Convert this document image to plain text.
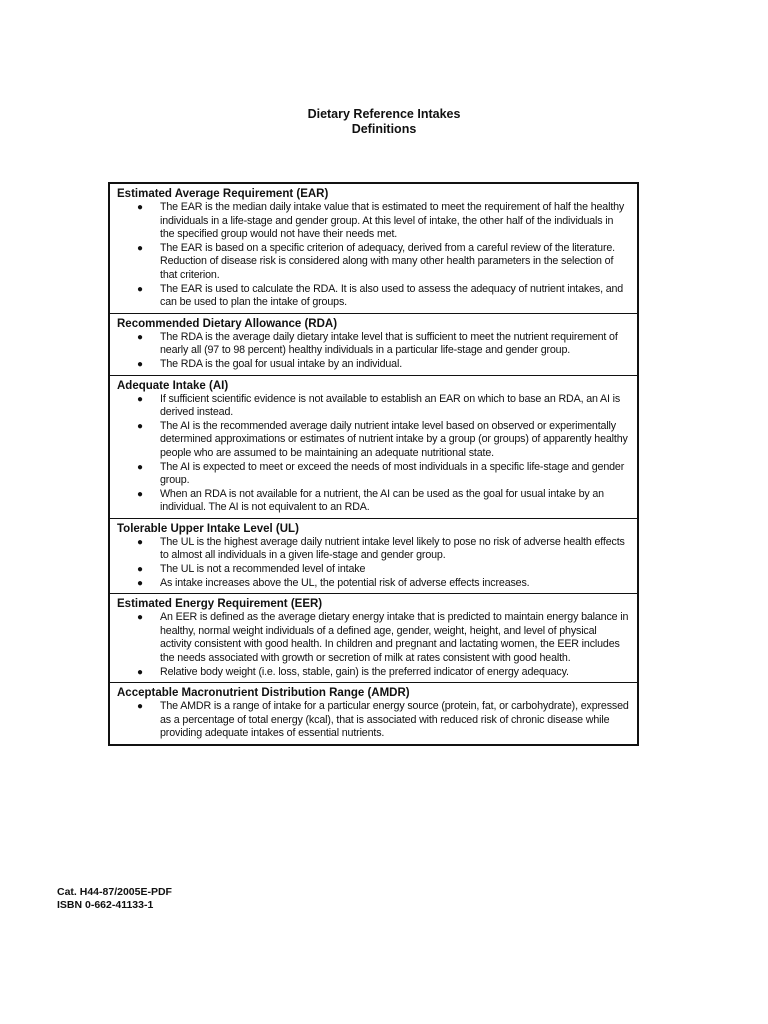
Dietary Reference Intakes
Definitions
Estimated Average Requirement (EAR)
● The EAR is the median daily intake value that is estimated to meet the requirement of half the healthy individuals in a life-stage and gender group. At this level of intake, the other half of the individuals in the specified group would not have their needs met.
● The EAR is based on a specific criterion of adequacy, derived from a careful review of the literature. Reduction of disease risk is considered along with many other health parameters in the selection of that criterion.
● The EAR is used to calculate the RDA. It is also used to assess the adequacy of nutrient intakes, and can be used to plan the intake of groups.
Recommended Dietary Allowance (RDA)
● The RDA is the average daily dietary intake level that is sufficient to meet the nutrient requirement of nearly all (97 to 98 percent) healthy individuals in a particular life-stage and gender group.
● The RDA is the goal for usual intake by an individual.
Adequate Intake (AI)
● If sufficient scientific evidence is not available to establish an EAR on which to base an RDA, an AI is derived instead.
● The AI is the recommended average daily nutrient intake level based on observed or experimentally determined approximations or estimates of nutrient intake by a group (or groups) of apparently healthy people who are assumed to be maintaining an adequate nutritional state.
● The AI is expected to meet or exceed the needs of most individuals in a specific life-stage and gender group.
● When an RDA is not available for a nutrient, the AI can be used as the goal for usual intake by an individual. The AI is not equivalent to an RDA.
Tolerable Upper Intake Level (UL)
● The UL is the highest average daily nutrient intake level likely to pose no risk of adverse health effects to almost all individuals in a given life-stage and gender group.
● The UL is not a recommended level of intake
● As intake increases above the UL, the potential risk of adverse effects increases.
Estimated Energy Requirement (EER)
● An EER is defined as the average dietary energy intake that is predicted to maintain energy balance in healthy, normal weight individuals of a defined age, gender, weight, height, and level of physical activity consistent with good health. In children and pregnant and lactating women, the EER includes the needs associated with growth or secretion of milk at rates consistent with good health.
● Relative body weight (i.e. loss, stable, gain) is the preferred indicator of energy adequacy.
Acceptable Macronutrient Distribution Range (AMDR)
● The AMDR is a range of intake for a particular energy source (protein, fat, or carbohydrate), expressed as a percentage of total energy (kcal), that is associated with reduced risk of chronic disease while providing adequate intakes of essential nutrients.
Cat. H44-87/2005E-PDF
ISBN 0-662-41133-1
